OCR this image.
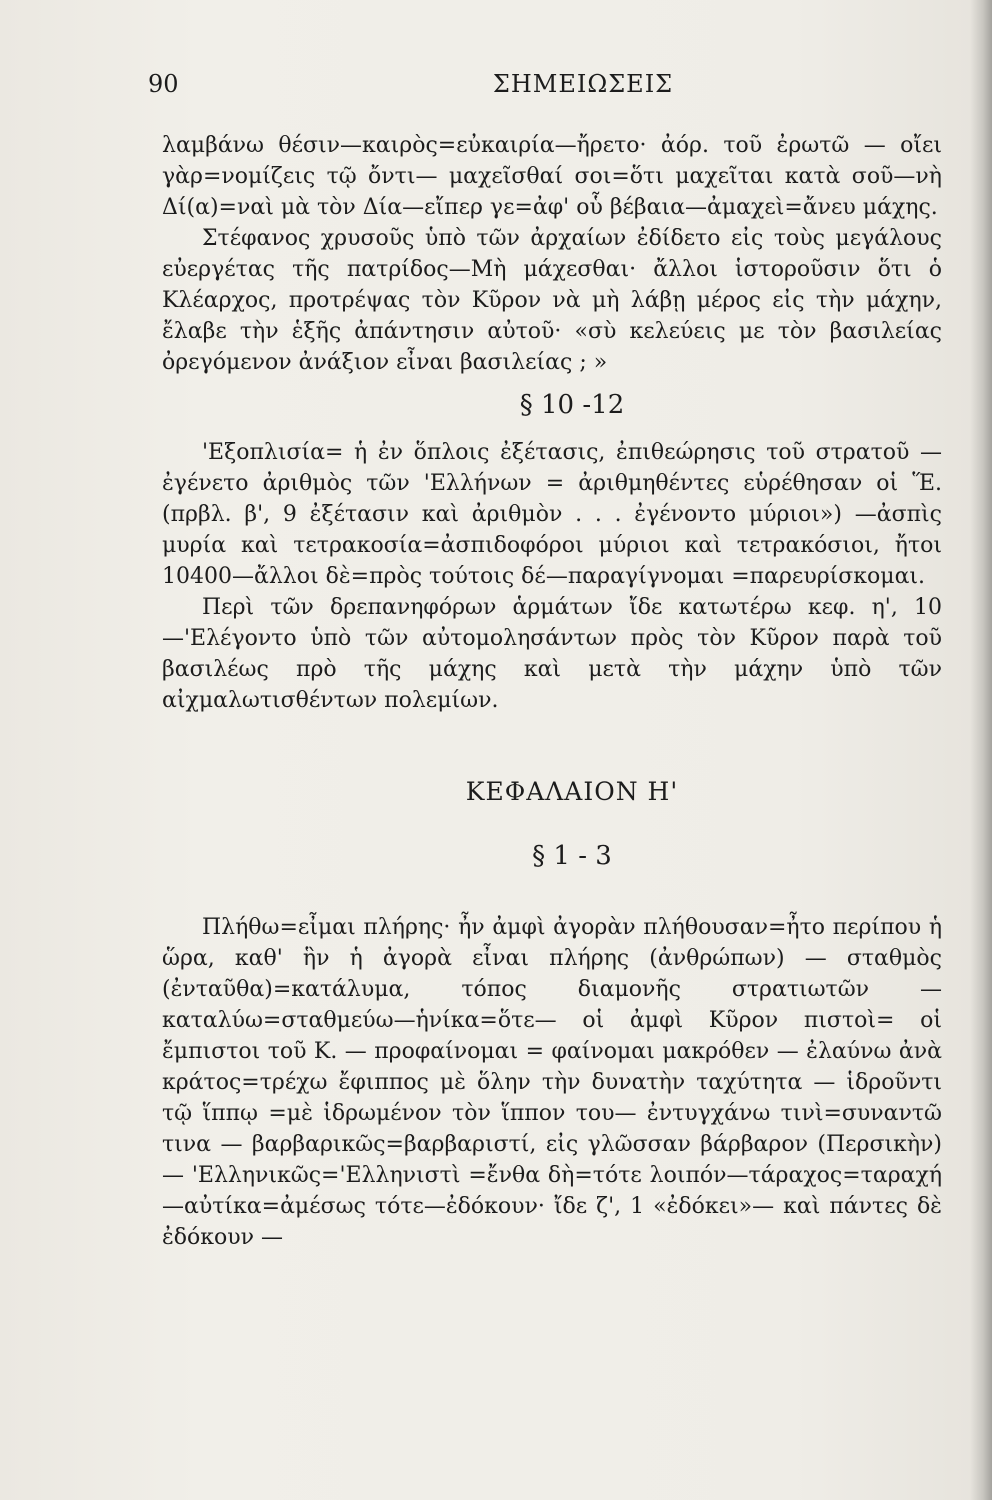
90	ΣΗΜΕΙΩΣΕΙΣ

λαμβάνω θέσιν—καιρὸς=εὐκαιρία—ἤρετο· ἀόρ. τοῦ ἐρωτῶ — οἴει γὰρ=νομίζεις τῷ ὄντι— μαχεῖσθαί σοι=ὅτι μαχεῖται κατὰ σοῦ—νὴ Δί(α)=ναὶ μὰ τὸν Δία—εἴπερ γε=ἀφ' οὗ βέβαια—ἀμαχεὶ=ἄνευ μάχης.

Στέφανος χρυσοῦς ὑπὸ τῶν ἀρχαίων ἐδίδετο εἰς τοὺς μεγάλους εὐεργέτας τῆς πατρίδος—Μὴ μάχεσθαι· ἄλλοι ἱστοροῦσιν ὅτι ὁ Κλέαρχος, προτρέψας τὸν Κῦρον νὰ μὴ λάβῃ μέρος εἰς τὴν μάχην, ἔλαβε τὴν ἑξῆς ἀπάντησιν αὐτοῦ· «σὺ κελεύεις με τὸν βασιλείας ὀρεγόμενον ἀνάξιον εἶναι βασιλείας ; »

§ 10 -12

'Εξοπλισία= ἡ ἐν ὅπλοις ἐξέτασις, ἐπιθεώρησις τοῦ στρατοῦ —ἐγένετο ἀριθμὸς τῶν 'Ελλήνων = ἀριθμηθέντες εὑρέθησαν οἱ Ἕ. (πρβλ. β', 9 ἐξέτασιν καὶ ἀριθμὸν . . . ἐγένοντο μύριοι») —ἀσπὶς μυρία καὶ τετρακοσία=ἀσπιδοφόροι μύριοι καὶ τετρακόσιοι, ἤτοι 10400—ἄλλοι δὲ=πρὸς τούτοις δέ—παραγίγνομαι =παρευρίσκομαι.

Περὶ τῶν δρεπανηφόρων ἁρμάτων ἴδε κατωτέρω κεφ. η', 10—'Ελέγοντο ὑπὸ τῶν αὐτομολησάντων πρὸς τὸν Κῦρον παρὰ τοῦ βασιλέως πρὸ τῆς μάχης καὶ μετὰ τὴν μάχην ὑπὸ τῶν αἰχμαλωτισθέντων πολεμίων.

ΚΕΦΑΛΑΙΟΝ Η'
§ 1 - 3

Πλήθω=εἶμαι πλήρης· ἦν ἀμφὶ ἀγορὰν πλήθουσαν=ἦτο περίπου ἡ ὥρα, καθ' ἣν ἡ ἀγορὰ εἶναι πλήρης (ἀνθρώπων) — σταθμὸς (ἐνταῦθα)=κατάλυμα, τόπος διαμονῆς στρατιωτῶν — καταλύω=σταθμεύω—ἡνίκα=ὅτε— οἱ ἀμφὶ Κῦρον πιστοὶ= οἱ ἔμπιστοι τοῦ Κ. — προφαίνομαι = φαίνομαι μακρόθεν — ἐλαύνω ἀνὰ κράτος=τρέχω ἔφιππος μὲ ὅλην τὴν δυνατὴν ταχύτητα — ἱδροῦντι τῷ ἵππῳ =μὲ ἱδρωμένον τὸν ἵππον του— ἐντυγχάνω τινὶ=συναντῶ τινα — βαρβαρικῶς=βαρβαριστί, εἰς γλῶσσαν βάρβαρον (Περσικὴν) — 'Ελληνικῶς='Ελληνιστὶ =ἔνθα δὴ=τότε λοιπόν—τάραχος=ταραχή—αὐτίκα=ἀμέσως τότε—ἐδόκουν· ἴδε ζ', 1 «ἐδόκει»— καὶ πάντες δὲ ἐδόκουν —
